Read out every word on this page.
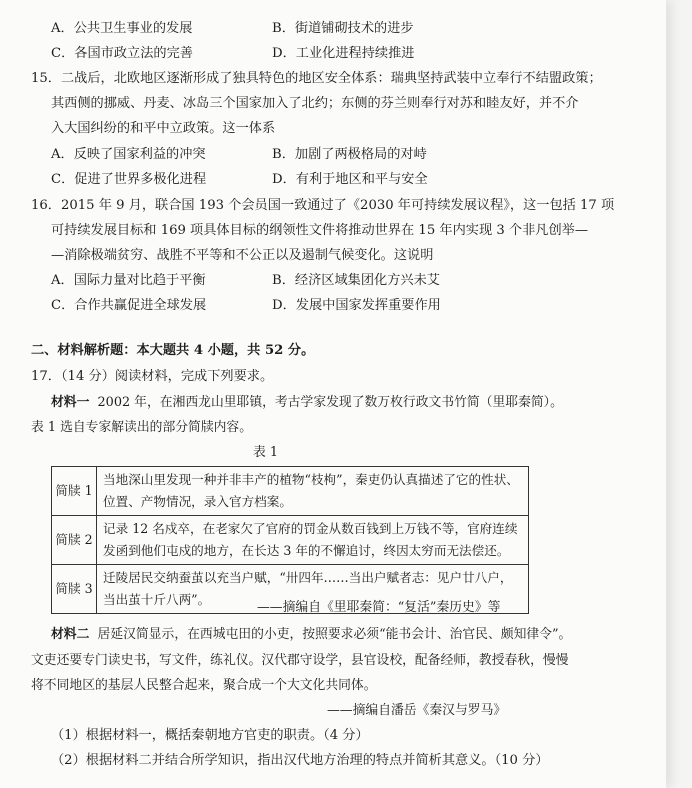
A．公共卫生事业的发展	B．街道铺砌技术的进步
C．各国市政立法的完善	D．工业化进程持续推进
15．二战后，北欧地区逐渐形成了独具特色的地区安全体系：瑞典坚持武装中立奉行不结盟政策；
其西侧的挪威、丹麦、冰岛三个国家加入了北约；东侧的芬兰则奉行对苏和睦友好，并不介
入大国纠纷的和平中立政策。这一体系
A．反映了国家利益的冲突	B．加剧了两极格局的对峙
C．促进了世界多极化进程	D．有利于地区和平与安全
16．2015 年 9 月，联合国 193 个会员国一致通过了《2030 年可持续发展议程》，这一包括 17 项
可持续发展目标和 169 项具体目标的纲领性文件将推动世界在 15 年内实现 3 个非凡创举—
—消除极端贫穷、战胜不平等和不公正以及遏制气候变化。这说明
A．国际力量对比趋于平衡	B．经济区域集团化方兴未艾
C．合作共赢促进全球发展	D．发展中国家发挥重要作用
二、材料解析题：本大题共 4 小题，共 52 分。
17．（14 分）阅读材料，完成下列要求。
材料一 2002 年，在湘西龙山里耶镇，考古学家发现了数万枚行政文书竹简（里耶秦简）。
表 1 选自专家解读出的部分简牍内容。
表 1
简牍 1	当地深山里发现一种并非丰产的植物“枝枸”，秦吏仍认真描述了它的性状、
位置、产物情况，录入官方档案。

简牍 2	记录 12 名戍卒，在老家欠了官府的罚金从数百钱到上万钱不等，官府连续
发函到他们屯戍的地方，在长达 3 年的不懈追讨，终因太穷而无法偿还。

简牍 3	迁陵居民交纳蚕茧以充当户赋，“卅四年……当出户赋者志：见户廿八户，
当出茧十斤八两”。
——摘编自《里耶秦简：“复活”秦历史》等
材料二 居延汉简显示，在西城屯田的小吏，按照要求必须“能书会计、治官民、颇知律令”。
文吏还要专门读史书，写文件，练礼仪。汉代郡守设学，县官设校，配备经师，教授春秋，慢慢
将不同地区的基层人民整合起来，聚合成一个大文化共同体。
——摘编自潘岳《秦汉与罗马》
（1）根据材料一，概括秦朝地方官吏的职责。（4 分）
（2）根据材料二并结合所学知识，指出汉代地方治理的特点并简析其意义。（10 分）
